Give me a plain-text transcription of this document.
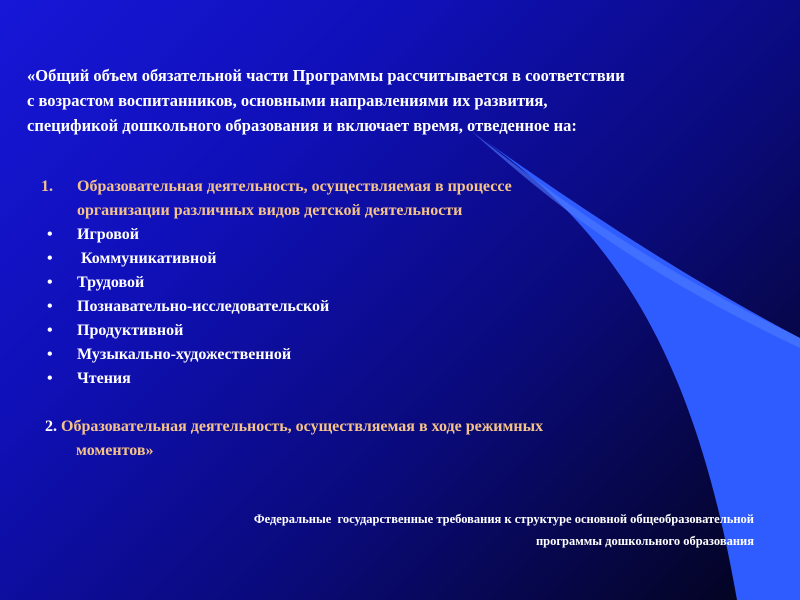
«Общий объем обязательной части Программы рассчитывается в соответствии
с возрастом воспитанников, основными направлениями их развития,
спецификой дошкольного образования и включает время, отведенное на:
1.	Образовательная деятельность, осуществляемая в процессе
организации различных видов детской деятельности
•	Игровой
•	Коммуникативной
•	Трудовой
•	Познавательно-исследовательской
•	Продуктивной
•	Музыкально-художественной
•	Чтения
2. Образовательная деятельность, осуществляемая в ходе режимных
моментов»
Федеральные  государственные требования к структуре основной общеобразовательной
программы дошкольного образования
